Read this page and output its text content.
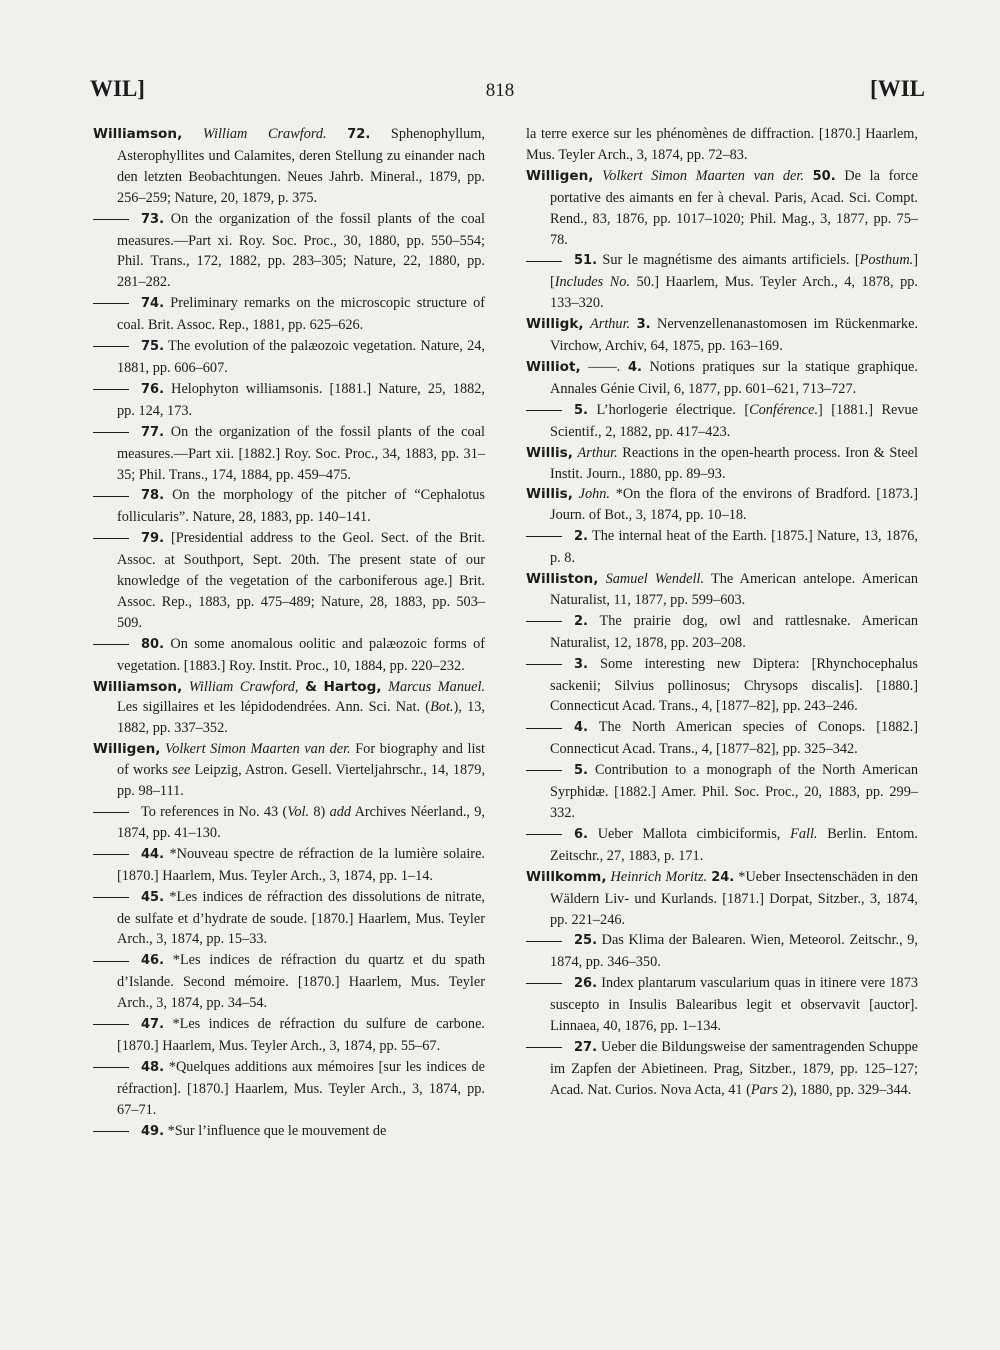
WIL]	818	[WIL
Williamson, William Crawford. 72. Sphenophyllum, Asterophyllites und Calamites, deren Stellung zu einander nach den letzten Beobachtungen. Neues Jahrb. Mineral., 1879, pp. 256–259; Nature, 20, 1879, p. 375.
73. On the organization of the fossil plants of the coal measures.—Part xi. Roy. Soc. Proc., 30, 1880, pp. 550–554; Phil. Trans., 172, 1882, pp. 283–305; Nature, 22, 1880, pp. 281–282.
74. Preliminary remarks on the microscopic structure of coal. Brit. Assoc. Rep., 1881, pp. 625–626.
75. The evolution of the palæozoic vegetation. Nature, 24, 1881, pp. 606–607.
76. Helophyton williamsonis. [1881.] Nature, 25, 1882, pp. 124, 173.
77. On the organization of the fossil plants of the coal measures.—Part xii. [1882.] Roy. Soc. Proc., 34, 1883, pp. 31–35; Phil. Trans., 174, 1884, pp. 459–475.
78. On the morphology of the pitcher of “Cephalotus follicularis”. Nature, 28, 1883, pp. 140–141.
79. [Presidential address to the Geol. Sect. of the Brit. Assoc. at Southport, Sept. 20th. The present state of our knowledge of the vegetation of the carboniferous age.] Brit. Assoc. Rep., 1883, pp. 475–489; Nature, 28, 1883, pp. 503–509.
80. On some anomalous oolitic and palæozoic forms of vegetation. [1883.] Roy. Instit. Proc., 10, 1884, pp. 220–232.
Williamson, William Crawford, & Hartog, Marcus Manuel. Les sigillaires et les lépidodendrées. Ann. Sci. Nat. (Bot.), 13, 1882, pp. 337–352.
Willigen, Volkert Simon Maarten van der. For biography and list of works see Leipzig, Astron. Gesell. Vierteljahrschr., 14, 1879, pp. 98–111.
To references in No. 43 (Vol. 8) add Archives Néerland., 9, 1874, pp. 41–130.
44. *Nouveau spectre de réfraction de la lumière solaire. [1870.] Haarlem, Mus. Teyler Arch., 3, 1874, pp. 1–14.
45. *Les indices de réfraction des dissolutions de nitrate, de sulfate et d’hydrate de soude. [1870.] Haarlem, Mus. Teyler Arch., 3, 1874, pp. 15–33.
46. *Les indices de réfraction du quartz et du spath d’Islande. Second mémoire. [1870.] Haarlem, Mus. Teyler Arch., 3, 1874, pp. 34–54.
47. *Les indices de réfraction du sulfure de carbone. [1870.] Haarlem, Mus. Teyler Arch., 3, 1874, pp. 55–67.
48. *Quelques additions aux mémoires [sur les indices de réfraction]. [1870.] Haarlem, Mus. Teyler Arch., 3, 1874, pp. 67–71.
49. *Sur l’influence que le mouvement de
la terre exerce sur les phénomènes de diffraction. [1870.] Haarlem, Mus. Teyler Arch., 3, 1874, pp. 72–83.
Willigen, Volkert Simon Maarten van der. 50. De la force portative des aimants en fer à cheval. Paris, Acad. Sci. Compt. Rend., 83, 1876, pp. 1017–1020; Phil. Mag., 3, 1877, pp. 75–78.
51. Sur le magnétisme des aimants artificiels. [Posthum.] [Includes No. 50.] Haarlem, Mus. Teyler Arch., 4, 1878, pp. 133–320.
Willigk, Arthur. 3. Nervenzellenanastomosen im Rückenmarke. Virchow, Archiv, 64, 1875, pp. 163–169.
Williot, ——. 4. Notions pratiques sur la statique graphique. Annales Génie Civil, 6, 1877, pp. 601–621, 713–727.
5. L’horlogerie électrique. [Conférence.] [1881.] Revue Scientif., 2, 1882, pp. 417–423.
Willis, Arthur. Reactions in the open-hearth process. Iron & Steel Instit. Journ., 1880, pp. 89–93.
Willis, John. *On the flora of the environs of Bradford. [1873.] Journ. of Bot., 3, 1874, pp. 10–18.
2. The internal heat of the Earth. [1875.] Nature, 13, 1876, p. 8.
Williston, Samuel Wendell. The American antelope. American Naturalist, 11, 1877, pp. 599–603.
2. The prairie dog, owl and rattlesnake. American Naturalist, 12, 1878, pp. 203–208.
3. Some interesting new Diptera: [Rhynchocephalus sackenii; Silvius pollinosus; Chrysops discalis]. [1880.] Connecticut Acad. Trans., 4, [1877–82], pp. 243–246.
4. The North American species of Conops. [1882.] Connecticut Acad. Trans., 4, [1877–82], pp. 325–342.
5. Contribution to a monograph of the North American Syrphidæ. [1882.] Amer. Phil. Soc. Proc., 20, 1883, pp. 299–332.
6. Ueber Mallota cimbiciformis, Fall. Berlin. Entom. Zeitschr., 27, 1883, p. 171.
Willkomm, Heinrich Moritz. 24. *Ueber Insectenschäden in den Wäldern Liv- und Kurlands. [1871.] Dorpat, Sitzber., 3, 1874, pp. 221–246.
25. Das Klima der Balearen. Wien, Meteorol. Zeitschr., 9, 1874, pp. 346–350.
26. Index plantarum vascularium quas in itinere vere 1873 suscepto in Insulis Balearibus legit et observavit [auctor]. Linnaea, 40, 1876, pp. 1–134.
27. Ueber die Bildungsweise der samentragenden Schuppe im Zapfen der Abietineen. Prag, Sitzber., 1879, pp. 125–127; Acad. Nat. Curios. Nova Acta, 41 (Pars 2), 1880, pp. 329–344.
